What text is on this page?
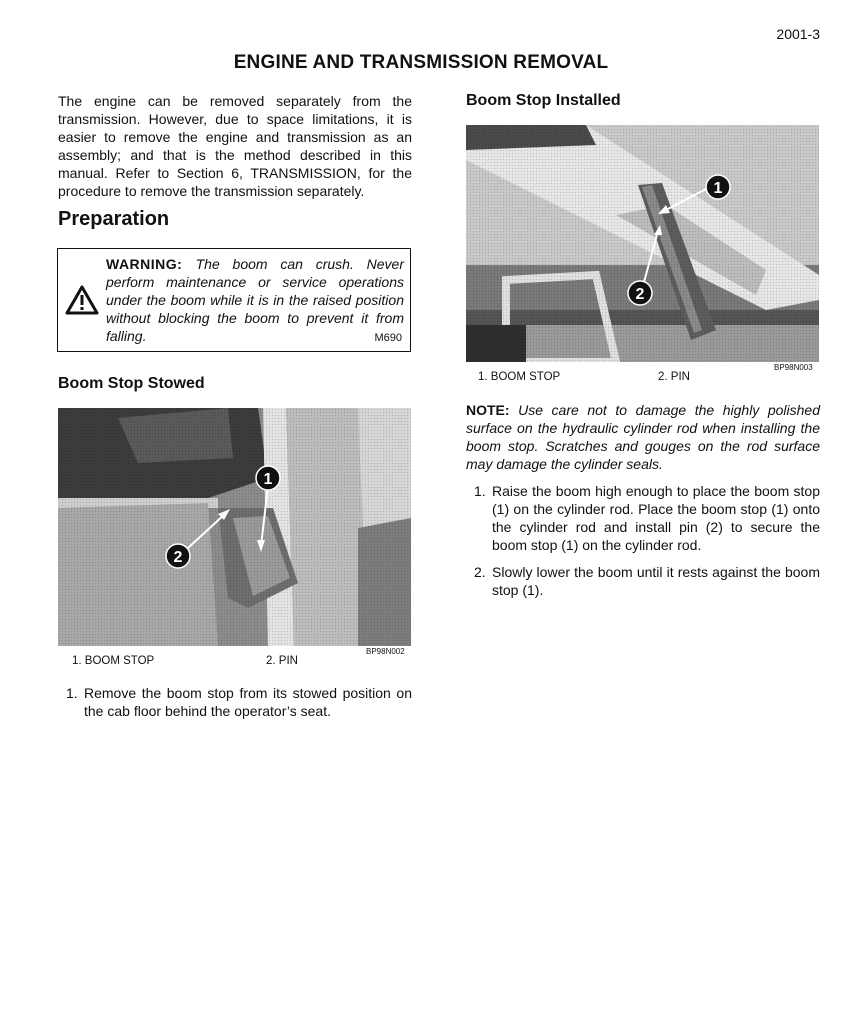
2001-3
ENGINE AND TRANSMISSION REMOVAL

The engine can be removed separately from the transmission. However, due to space limitations, it is easier to remove the engine and transmission as an assembly; and that is the method described in this manual. Refer to Section 6, TRANSMISSION, for the procedure to remove the transmission separately.

Preparation
WARNING: The boom can crush. Never perform maintenance or service operations under the boom while it is in the raised position without blocking the boom to prevent it from falling.	M690
Boom Stop Stowed
1
2
BP98N002
1. BOOM STOP	2. PIN
1. Remove the boom stop from its stowed position on the cab floor behind the operator’s seat.
Boom Stop Installed
1
2
BP98N003
1. BOOM STOP	2. PIN
NOTE: Use care not to damage the highly polished surface on the hydraulic cylinder rod when installing the boom stop. Scratches and gouges on the rod surface may damage the cylinder seals.
1. Raise the boom high enough to place the boom stop (1) on the cylinder rod. Place the boom stop (1) onto the cylinder rod and install pin (2) to secure the boom stop (1) on the cylinder rod.
2. Slowly lower the boom until it rests against the boom stop (1).
